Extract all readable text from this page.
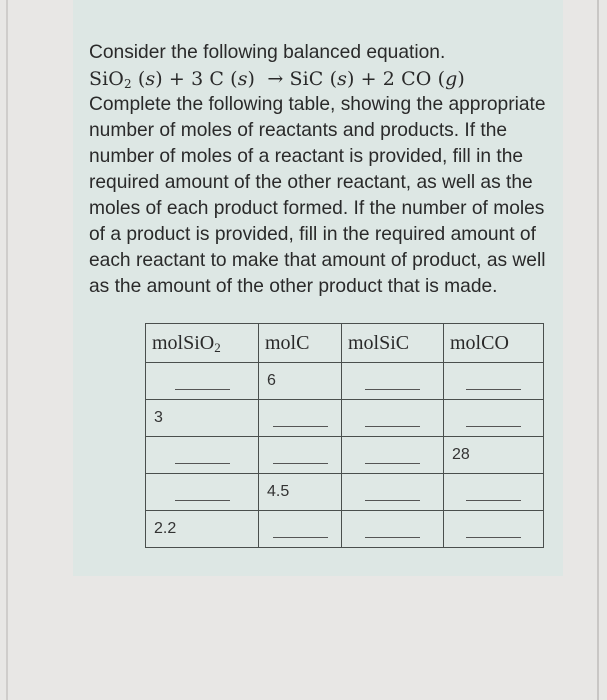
Consider the following balanced equation.

SiO$_2$ (s) + 3 C (s)  → SiC (s) + 2 CO (g)

Complete the following table, showing the appropriate number of moles of reactants and products. If the number of moles of a reactant is provided, fill in the required amount of the other reactant, as well as the moles of each product formed. If the number of moles of a product is provided, fill in the required amount of each reactant to make that amount of product, as well as the amount of the other product that is made.

molSiO$_2$	molC	molSiC	molCO

	6		

3			

			28

	4.5		

2.2			
